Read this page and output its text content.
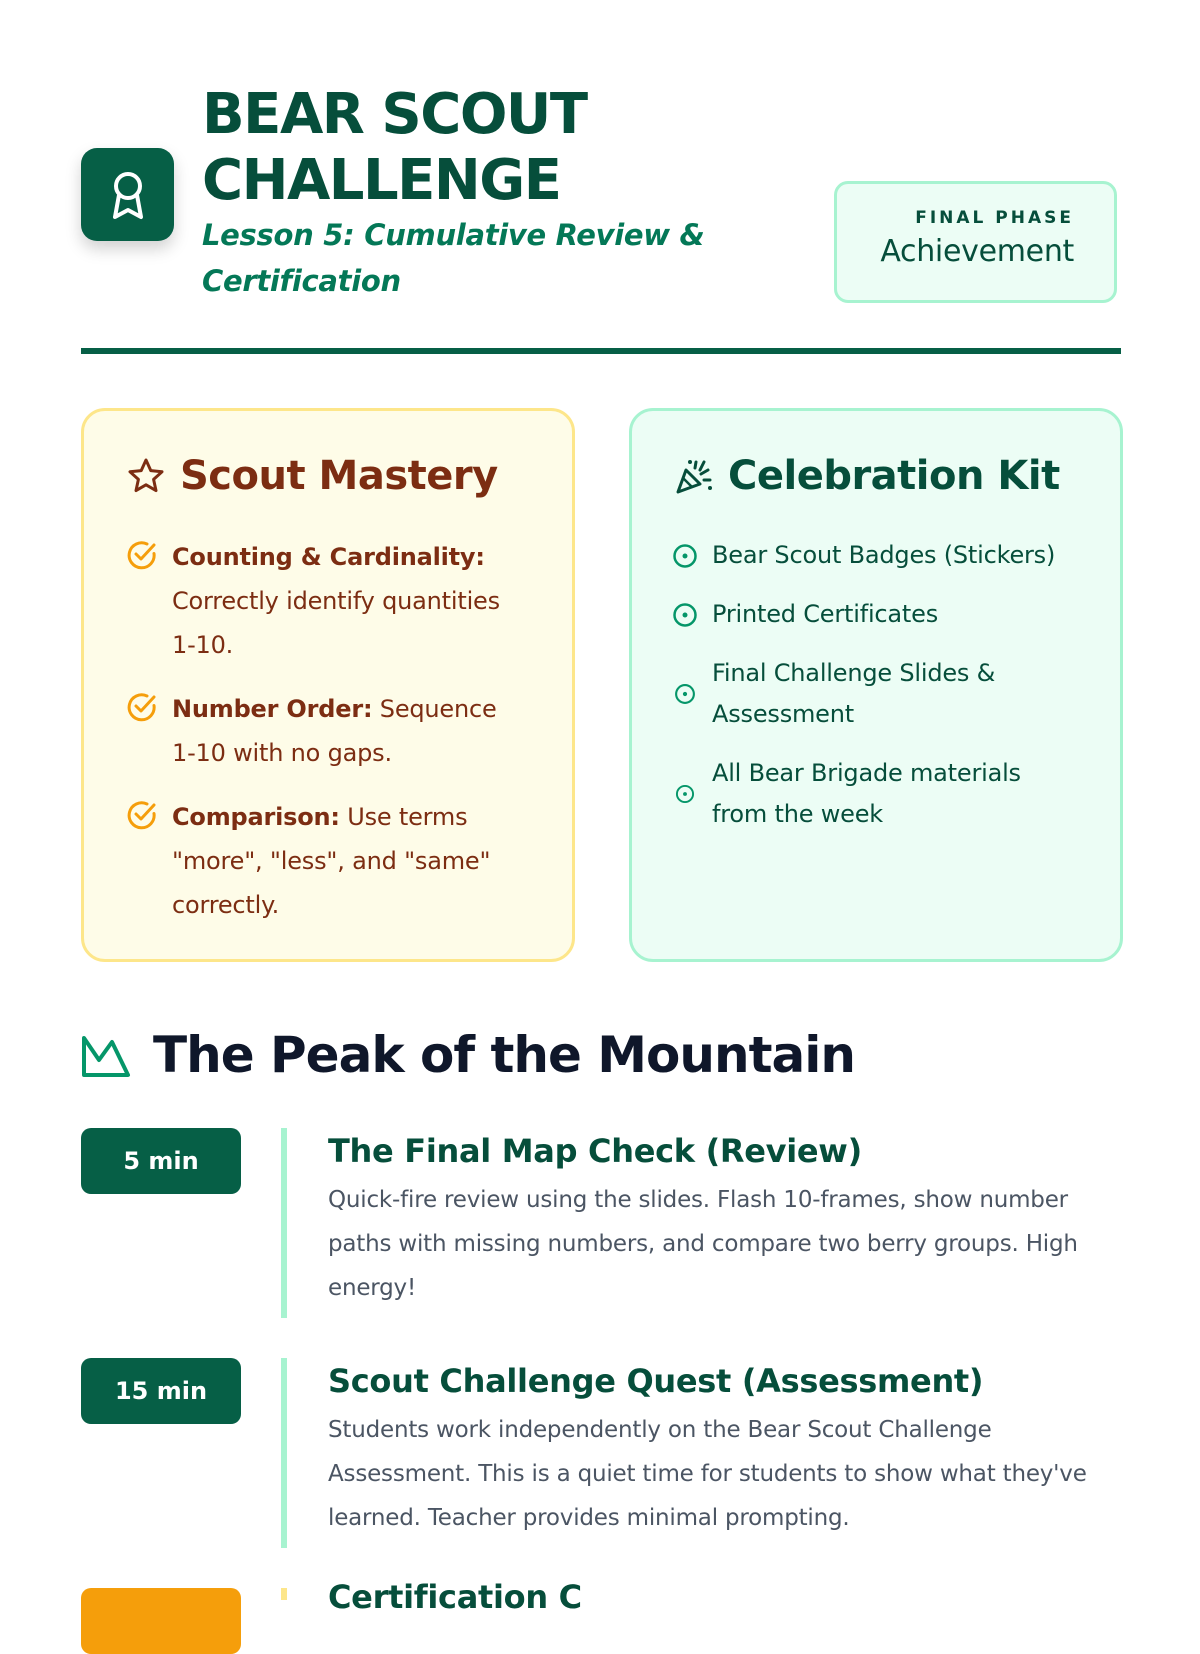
BEAR SCOUT CHALLENGE
Lesson 5: Cumulative Review & Certification
FINAL PHASE
Achievement
Scout Mastery
Counting & Cardinality: Correctly identify quantities 1-10.
Number Order: Sequence 1-10 with no gaps.
Comparison: Use terms "more", "less", and "same" correctly.
Celebration Kit
Bear Scout Badges (Stickers)
Printed Certificates
Final Challenge Slides & Assessment
All Bear Brigade materials from the week
The Peak of the Mountain
5 min	The Final Map Check (Review)

Quick-fire review using the slides. Flash 10-frames, show number paths with missing numbers, and compare two berry groups. High energy!

15 min	Scout Challenge Quest (Assessment)

Students work independently on the Bear Scout Challenge Assessment. This is a quiet time for students to show what they've learned. Teacher provides minimal prompting.

Certification C
